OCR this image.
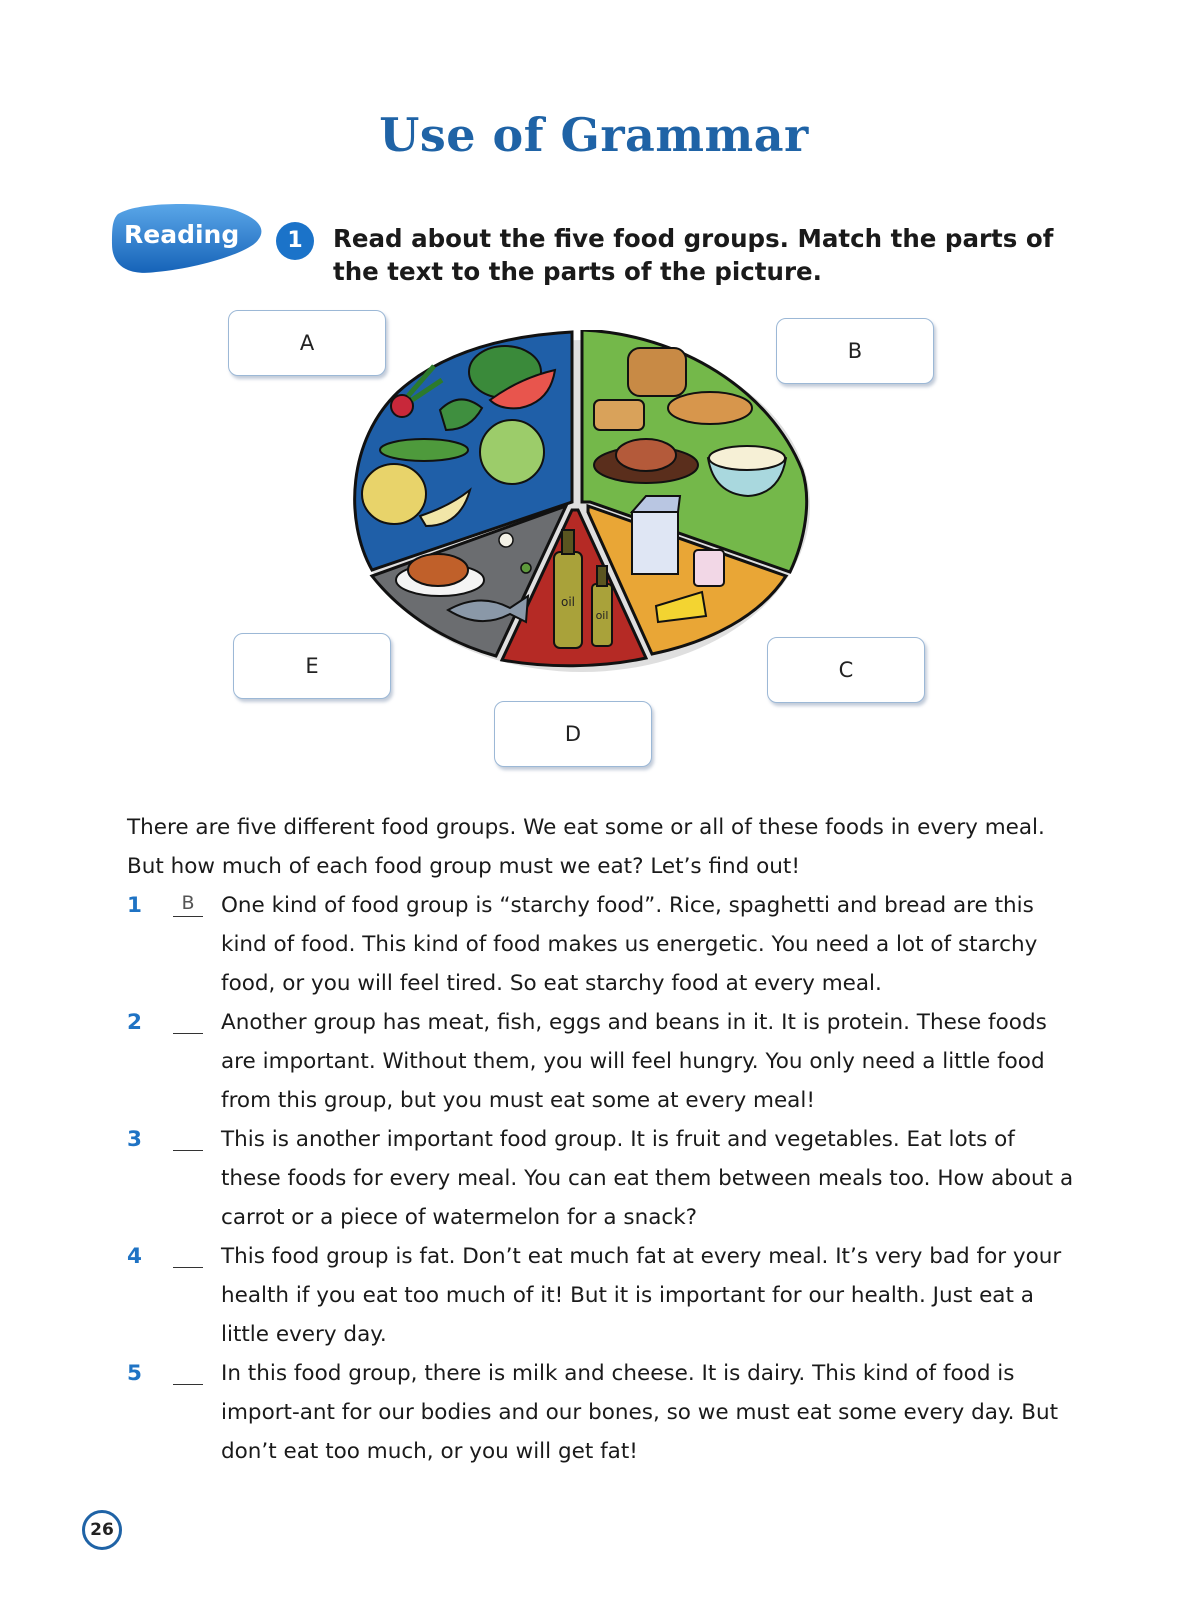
Use of Grammar
Reading	1	Read about the five food groups. Match the parts of the text to the parts of the picture.
A	B
C
D
E
oil
oil
There are five different food groups. We eat some or all of these foods in every meal. But how much of each food group must we eat? Let’s find out!
1	B	One kind of food group is “starchy food”. Rice, spaghetti and bread are this kind of food. This kind of food makes us energetic. You need a lot of starchy food, or you will feel tired. So eat starchy food at every meal.
2	Another group has meat, fish, eggs and beans in it. It is protein. These foods are important. Without them, you will feel hungry. You only need a little food from this group, but you must eat some at every meal!
3	This is another important food group. It is fruit and vegetables. Eat lots of these foods for every meal. You can eat them between meals too. How about a carrot or a piece of watermelon for a snack?
4	This food group is fat. Don’t eat much fat at every meal. It’s very bad for your health if you eat too much of it! But it is important for our health. Just eat a little every day.
5	In this food group, there is milk and cheese. It is dairy. This kind of food is import-ant for our bodies and our bones, so we must eat some every day. But don’t eat too much, or you will get fat!
26
